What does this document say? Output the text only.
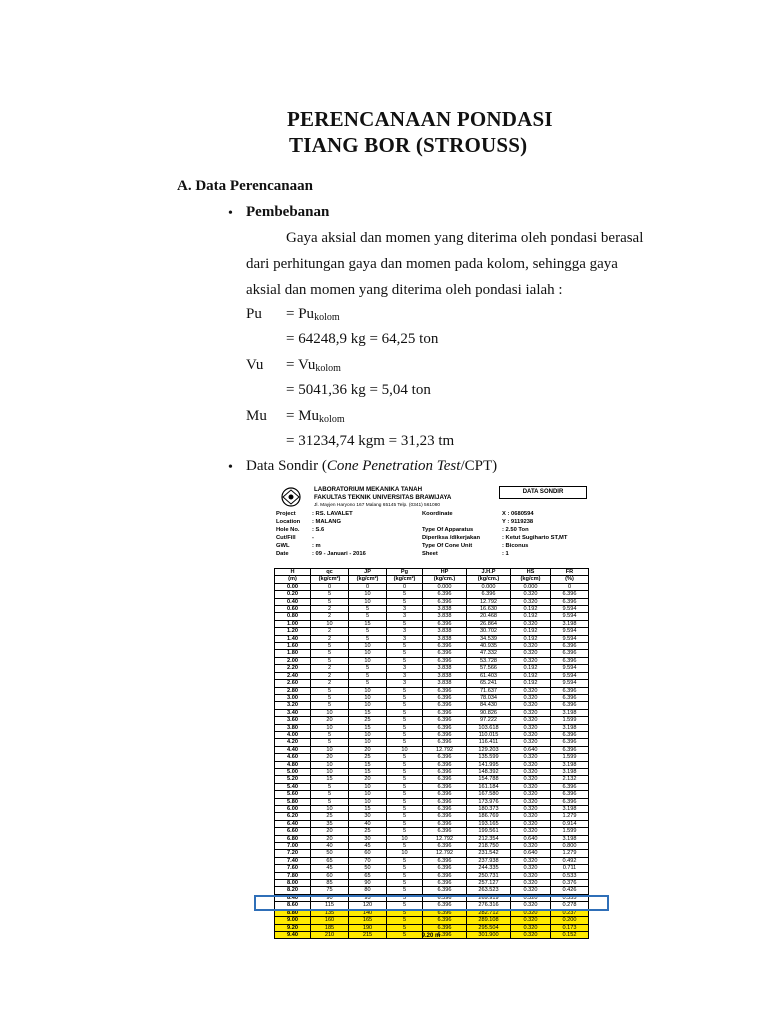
PERENCANAAN PONDASI
TIANG BOR (STROUSS)
A. Data Perencanaan
• Pembebanan
Gaya aksial dan momen yang diterima oleh pondasi berasal
dari perhitungan gaya dan momen pada kolom, sehingga gaya
aksial dan momen yang diterima oleh pondasi ialah :
$Pu = Pu_{kolom}$
= 64248,9 kg = 64,25 ton
$Vu = Vu_{kolom}$
= 5041,36 kg = 5,04 ton
$Mu = Mu_{kolom}$
= 31234,74 kgm = 31,23 tm
• Data Sondir (Cone Penetration Test/CPT)
LABORATORIUM MEKANIKA TANAH
FAKULTAS TEKNIK UNIVERSITAS BRAWIJAYA
Jl. Mayjen Haryono 167 Malang 65145 Telp. (0341) 561080
DATA SONDIR
Project	: RS. LAVALET
Location : MALANG
Hole No. : S.6
Cut/Fill	-
GWL	: m
Date	: 09 - Januari - 2016
Koordinate	X : 0680594
Y : 9119238
Type Of Apparatus	: 2.50 Ton
Diperiksa /dikerjakan	: Ketut Sugiharto ST,MT
Type Of Cone Unit	: Biconus
Sheet	: 1
H	qc	JP	Pg	HP	J.H.P	HS	FR
(m)	(kg/cm²)	(kg/cm²)	(kg/cm²)	(kg/cm.)	(kg/cm.)	(kg/cm)	(%)
0.00	0	0	0	0.000	0.000	0.000	0
0.20	5	10	5	6.396	6.396	0.320	6.396
0.40	5	10	5	6.396	12.792	0.320	6.396
0.60	2	5	3	3.838	16.630	0.192	9.594
0.80	2	5	3	3.838	20.468	0.192	9.594
1.00	10	15	5	6.396	26.864	0.320	3.198
1.20	2	5	3	3.838	30.702	0.192	9.594
1.40	2	5	3	3.838	34.539	0.192	9.594
1.60	5	10	5	6.396	40.935	0.320	6.396
1.80	5	10	5	6.396	47.332	0.320	6.396
2.00	5	10	5	6.396	53.728	0.320	6.396
2.20	2	5	3	3.838	57.566	0.192	9.594
2.40	2	5	3	3.838	61.403	0.192	9.594
2.60	2	5	3	3.838	65.241	0.192	9.594
2.80	5	10	5	6.396	71.637	0.320	6.396
3.00	5	10	5	6.396	78.034	0.320	6.396
3.20	5	10	5	6.396	84.430	0.320	6.396
3.40	10	15	5	6.396	90.826	0.320	3.198
3.60	20	25	5	6.396	97.222	0.320	1.599
3.80	10	15	5	6.396	103.618	0.320	3.198
4.00	5	10	5	6.396	110.015	0.320	6.396
4.20	5	10	5	6.396	116.411	0.320	6.396
4.40	10	20	10	12.792	129.203	0.640	6.396
4.60	20	25	5	6.396	135.599	0.320	1.599
4.80	10	15	5	6.396	141.995	0.320	3.198
5.00	10	15	5	6.396	148.392	0.320	3.198
5.20	15	20	5	6.396	154.788	0.320	2.132
5.40	5	10	5	6.396	161.184	0.320	6.396
5.60	5	10	5	6.396	167.580	0.320	6.396
5.80	5	10	5	6.396	173.976	0.320	6.396
6.00	10	15	5	6.396	180.373	0.320	3.198
6.20	25	30	5	6.396	186.769	0.320	1.279
6.40	35	40	5	6.396	193.165	0.320	0.914
6.60	20	25	5	6.396	199.561	0.320	1.599
6.80	20	30	10	12.792	212.354	0.640	3.198
7.00	40	45	5	6.396	218.750	0.320	0.800
7.20	50	60	10	12.792	231.542	0.640	1.279
7.40	65	70	5	6.396	237.938	0.320	0.492
7.60	45	50	5	6.396	244.335	0.320	0.711
7.80	60	65	5	6.396	250.731	0.320	0.533
8.00	85	90	5	6.396	257.127	0.320	0.376
8.20	75	80	5	6.396	263.523	0.320	0.426
8.40	90	95	5	6.396	269.919	0.320	0.355
8.60	115	120	5	6.396	276.316	0.320	0.278
8.80	135	140	5	6.396	282.712	0.320	0.237
9.00	160	165	5	6.396	289.108	0.320	0.200
9.20	185	190	5	6.396	295.504	0.320	0.173
9.40	210	215	5	6.396	301.900	0.320	0.152
9.20 m
